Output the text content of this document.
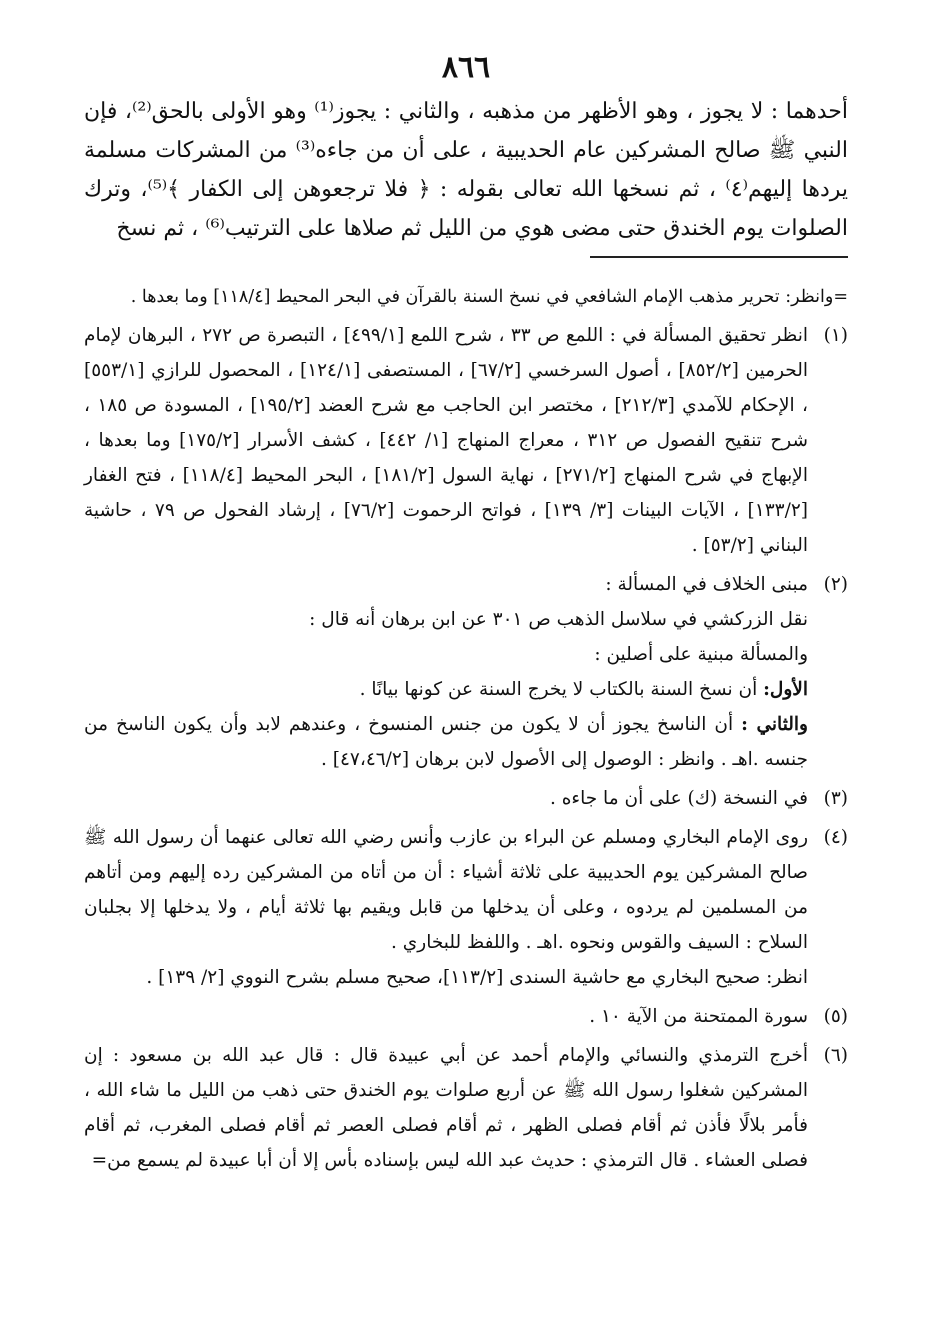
٨٦٦

أحدهما : لا يجوز ، وهو الأظهر من مذهبه ، والثاني : يجوز⁽¹⁾ وهو الأولى بالحق⁽²⁾، فإن النبي ﷺ صالح المشركين عام الحديبية ، على أن من جاءه⁽³⁾ من المشركات مسلمة يردها إليهم⁽٤⁾ ، ثم نسخها الله تعالى بقوله : ﴿ فلا ترجعوهن إلى الكفار ﴾⁽⁵⁾، وترك الصلوات يوم الخندق حتى مضى هوي من الليل ثم صلاها على الترتيب⁽⁶⁾ ، ثم نسخ

=وانظر: تحرير مذهب الإمام الشافعي في نسخ السنة بالقرآن في البحر المحيط [١١٨/٤] وما بعدها .

(١)

انظر تحقيق المسألة في : اللمع ص ٣٣ ، شرح اللمع [٤٩٩/١] ، التبصرة ص ٢٧٢ ، البرهان لإمام الحرمين [٨٥٢/٢] ، أصول السرخسي [٦٧/٢] ، المستصفى [١٢٤/١] ، المحصول للرازي [٥٥٣/١] ، الإحكام للآمدي [٢١٢/٣] ، مختصر ابن الحاجب مع شرح العضد [١٩٥/٢] ، المسودة ص ١٨٥ ، شرح تنقيح الفصول ص ٣١٢ ، معراج المنهاج [١/ ٤٤٢] ، كشف الأسرار [١٧٥/٢] وما بعدها ، الإبهاج في شرح المنهاج [٢٧١/٢] ، نهاية السول [١٨١/٢] ، البحر المحيط [١١٨/٤] ، فتح الغفار [١٣٣/٢] ، الآيات البينات [٣/ ١٣٩] ، فواتح الرحموت [٧٦/٢] ، إرشاد الفحول ص ٧٩ ، حاشية البناني [٥٣/٢] .

(٢)

مبنى الخلاف في المسألة :

نقل الزركشي في سلاسل الذهب ص ٣٠١ عن ابن برهان أنه قال :

والمسألة مبنية على أصلين :

الأول: أن نسخ السنة بالكتاب لا يخرج السنة عن كونها بيانًا .

والثاني : أن الناسخ يجوز أن لا يكون من جنس المنسوخ ، وعندهم لابد وأن يكون الناسخ من جنسه .اهـ . وانظر : الوصول إلى الأصول لابن برهان [٤٧،٤٦/٢] .

(٣)

في النسخة (ك) على أن ما جاءه .

(٤)

روى الإمام البخاري ومسلم عن البراء بن عازب وأنس رضي الله تعالى عنهما أن رسول الله ﷺ صالح المشركين يوم الحديبية على ثلاثة أشياء : أن من أتاه من المشركين رده إليهم ومن أتاهم من المسلمين لم يردوه ، وعلى أن يدخلها من قابل ويقيم بها ثلاثة أيام ، ولا يدخلها إلا بجلبان السلاح : السيف والقوس ونحوه .اهـ . واللفظ للبخاري .

انظر: صحيح البخاري مع حاشية السندى [١١٣/٢]، صحيح مسلم بشرح النووي [٢/ ١٣٩] .

(٥)

سورة الممتحنة من الآية ١٠ .

(٦)

أخرج الترمذي والنسائي والإمام أحمد عن أبي عبيدة قال : قال عبد الله بن مسعود : إن المشركين شغلوا رسول الله ﷺ عن أربع صلوات يوم الخندق حتى ذهب من الليل ما شاء الله ، فأمر بلالًا فأذن ثم أقام فصلى الظهر ، ثم أقام فصلى العصر ثم أقام فصلى المغرب، ثم أقام فصلى العشاء . قال الترمذي : حديث عبد الله ليس بإسناده بأس إلا أن أبا عبيدة لم يسمع من=
